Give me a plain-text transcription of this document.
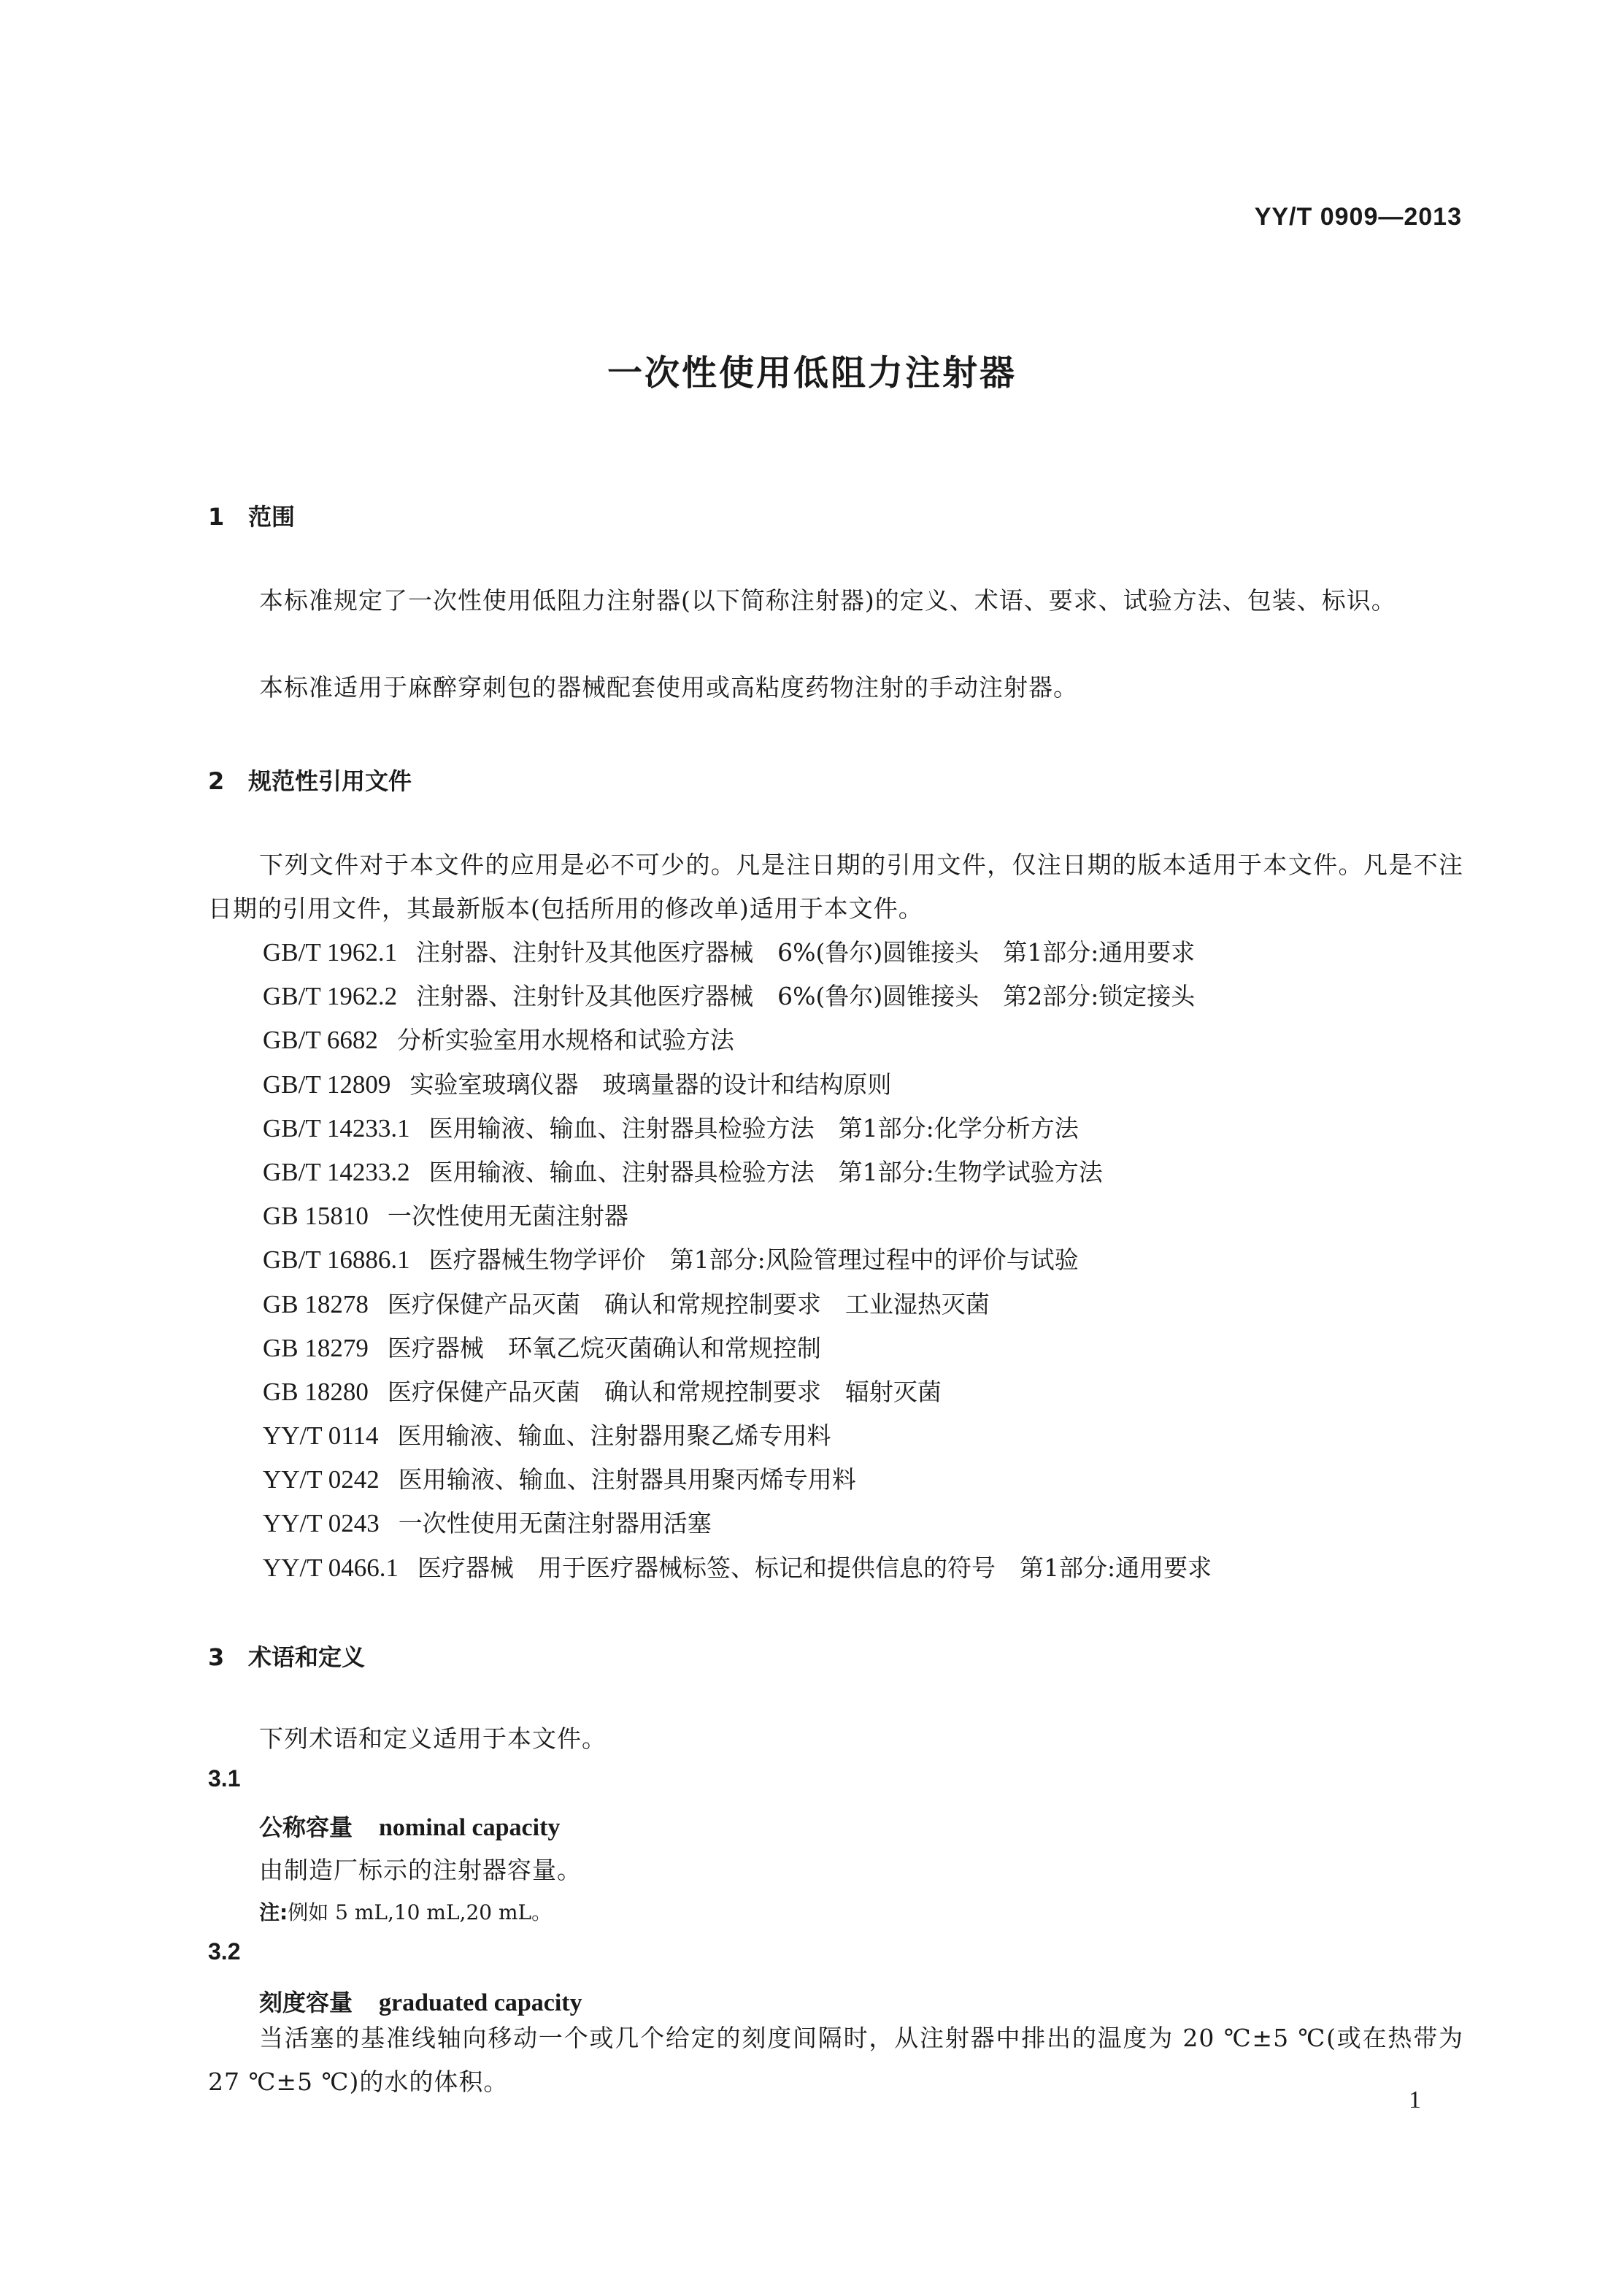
YY/T 0909—2013
一次性使用低阻力注射器
1 范围
本标准规定了一次性使用低阻力注射器(以下简称注射器)的定义、术语、要求、试验方法、包装、标识。
本标准适用于麻醉穿刺包的器械配套使用或高粘度药物注射的手动注射器。
2 规范性引用文件
下列文件对于本文件的应用是必不可少的。凡是注日期的引用文件，仅注日期的版本适用于本文件。凡是不注日期的引用文件，其最新版本(包括所用的修改单)适用于本文件。
GB/T 1962.1 注射器、注射针及其他医疗器械　6%(鲁尔)圆锥接头　第1部分:通用要求
GB/T 1962.2 注射器、注射针及其他医疗器械　6%(鲁尔)圆锥接头　第2部分:锁定接头
GB/T 6682 分析实验室用水规格和试验方法
GB/T 12809 实验室玻璃仪器　玻璃量器的设计和结构原则
GB/T 14233.1 医用输液、输血、注射器具检验方法　第1部分:化学分析方法
GB/T 14233.2 医用输液、输血、注射器具检验方法　第1部分:生物学试验方法
GB 15810 一次性使用无菌注射器
GB/T 16886.1 医疗器械生物学评价　第1部分:风险管理过程中的评价与试验
GB 18278 医疗保健产品灭菌　确认和常规控制要求　工业湿热灭菌
GB 18279 医疗器械　环氧乙烷灭菌确认和常规控制
GB 18280 医疗保健产品灭菌　确认和常规控制要求　辐射灭菌
YY/T 0114 医用输液、输血、注射器用聚乙烯专用料
YY/T 0242 医用输液、输血、注射器具用聚丙烯专用料
YY/T 0243 一次性使用无菌注射器用活塞
YY/T 0466.1 医疗器械　用于医疗器械标签、标记和提供信息的符号　第1部分:通用要求
3 术语和定义
下列术语和定义适用于本文件。
3.1
公称容量 nominal capacity
由制造厂标示的注射器容量。
注:例如 5 mL,10 mL,20 mL。
3.2
刻度容量 graduated capacity
当活塞的基准线轴向移动一个或几个给定的刻度间隔时，从注射器中排出的温度为 20 ℃±5 ℃(或在热带为 27 ℃±5 ℃)的水的体积。
1
